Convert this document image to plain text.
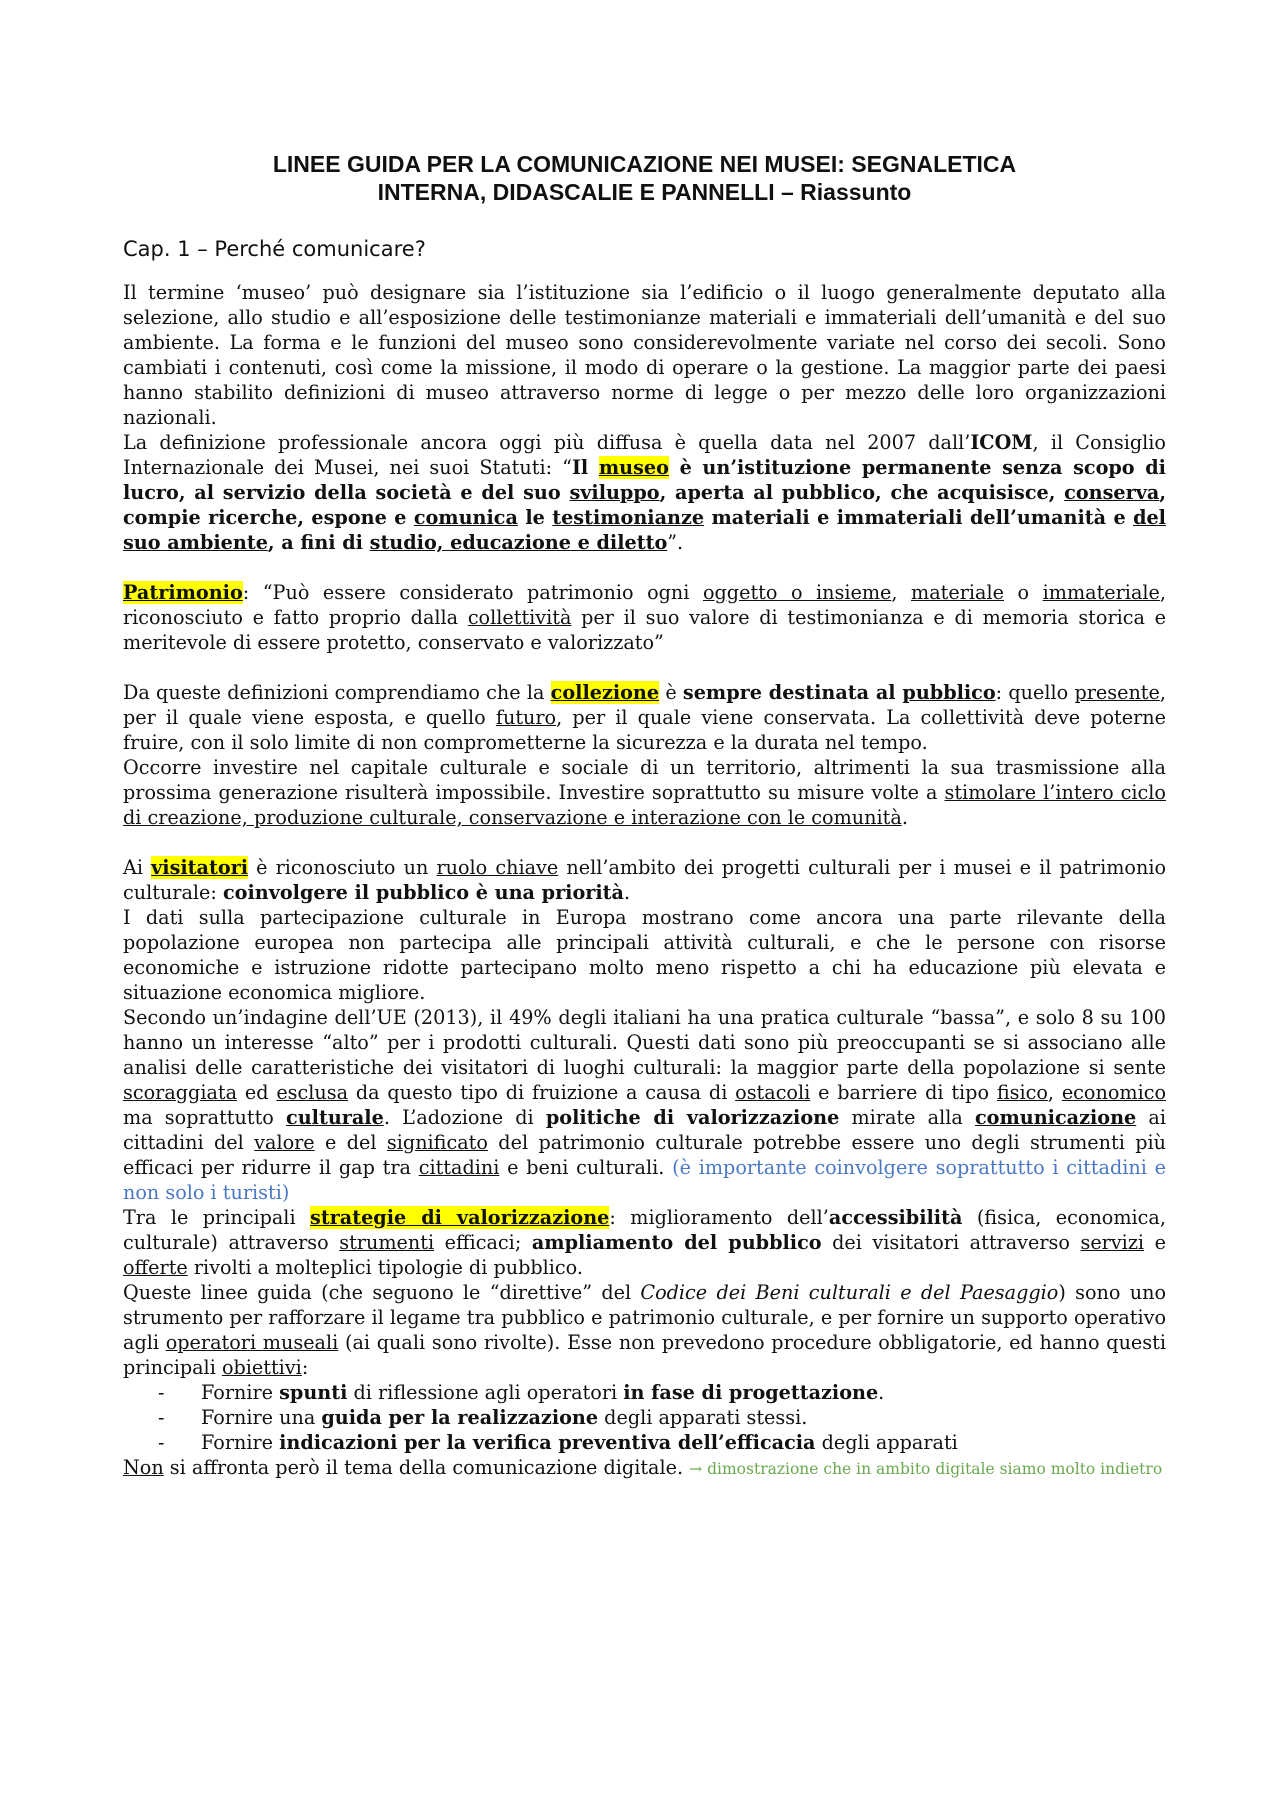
LINEE GUIDA PER LA COMUNICAZIONE NEI MUSEI: SEGNALETICA
INTERNA, DIDASCALIE E PANNELLI – Riassunto
Cap. 1 – Perché comunicare?

Il termine ‘museo’ può designare sia l’istituzione sia l’edificio o il luogo generalmente deputato alla selezione, allo studio e all’esposizione delle testimonianze materiali e immateriali dell’umanità e del suo ambiente. La forma e le funzioni del museo sono considerevolmente variate nel corso dei secoli. Sono cambiati i contenuti, così come la missione, il modo di operare o la gestione. La maggior parte dei paesi hanno stabilito definizioni di museo attraverso norme di legge o per mezzo delle loro organizzazioni nazionali.
La definizione professionale ancora oggi più diffusa è quella data nel 2007 dall’ICOM, il Consiglio Internazionale dei Musei, nei suoi Statuti: “Il museo è un’istituzione permanente senza scopo di lucro, al servizio della società e del suo sviluppo, aperta al pubblico, che acquisisce, conserva, compie ricerche, espone e comunica le testimonianze materiali e immateriali dell’umanità e del suo ambiente, a fini di studio, educazione e diletto”.

Patrimonio: “Può essere considerato patrimonio ogni oggetto o insieme, materiale o immateriale, riconosciuto e fatto proprio dalla collettività per il suo valore di testimonianza e di memoria storica e meritevole di essere protetto, conservato e valorizzato”

Da queste definizioni comprendiamo che la collezione è sempre destinata al pubblico: quello presente, per il quale viene esposta, e quello futuro, per il quale viene conservata. La collettività deve poterne fruire, con il solo limite di non comprometterne la sicurezza e la durata nel tempo.

Occorre investire nel capitale culturale e sociale di un territorio, altrimenti la sua trasmissione alla prossima generazione risulterà impossibile. Investire soprattutto su misure volte a stimolare l’intero ciclo di creazione, produzione culturale, conservazione e interazione con le comunità.

Ai visitatori è riconosciuto un ruolo chiave nell’ambito dei progetti culturali per i musei e il patrimonio culturale: coinvolgere il pubblico è una priorità.

I dati sulla partecipazione culturale in Europa mostrano come ancora una parte rilevante della popolazione europea non partecipa alle principali attività culturali, e che le persone con risorse economiche e istruzione ridotte partecipano molto meno rispetto a chi ha educazione più elevata e situazione economica migliore.

Secondo un’indagine dell’UE (2013), il 49% degli italiani ha una pratica culturale “bassa”, e solo 8 su 100 hanno un interesse “alto” per i prodotti culturali. Questi dati sono più preoccupanti se si associano alle analisi delle caratteristiche dei visitatori di luoghi culturali: la maggior parte della popolazione si sente scoraggiata ed esclusa da questo tipo di fruizione a causa di ostacoli e barriere di tipo fisico, economico ma soprattutto culturale. L’adozione di politiche di valorizzazione mirate alla comunicazione ai cittadini del valore e del significato del patrimonio culturale potrebbe essere uno degli strumenti più efficaci per ridurre il gap tra cittadini e beni culturali. (è importante coinvolgere soprattutto i cittadini e non solo i turisti)

Tra le principali strategie di valorizzazione: miglioramento dell’accessibilità (fisica, economica, culturale) attraverso strumenti efficaci; ampliamento del pubblico dei visitatori attraverso servizi e offerte rivolti a molteplici tipologie di pubblico.

Queste linee guida (che seguono le “direttive” del Codice dei Beni culturali e del Paesaggio) sono uno strumento per rafforzare il legame tra pubblico e patrimonio culturale, e per fornire un supporto operativo agli operatori museali (ai quali sono rivolte). Esse non prevedono procedure obbligatorie, ed hanno questi principali obiettivi:

- Fornire spunti di riflessione agli operatori in fase di progettazione.
- Fornire una guida per la realizzazione degli apparati stessi.
- Fornire indicazioni per la verifica preventiva dell’efficacia degli apparati

Non si affronta però il tema della comunicazione digitale. → dimostrazione che in ambito digitale siamo molto indietro
